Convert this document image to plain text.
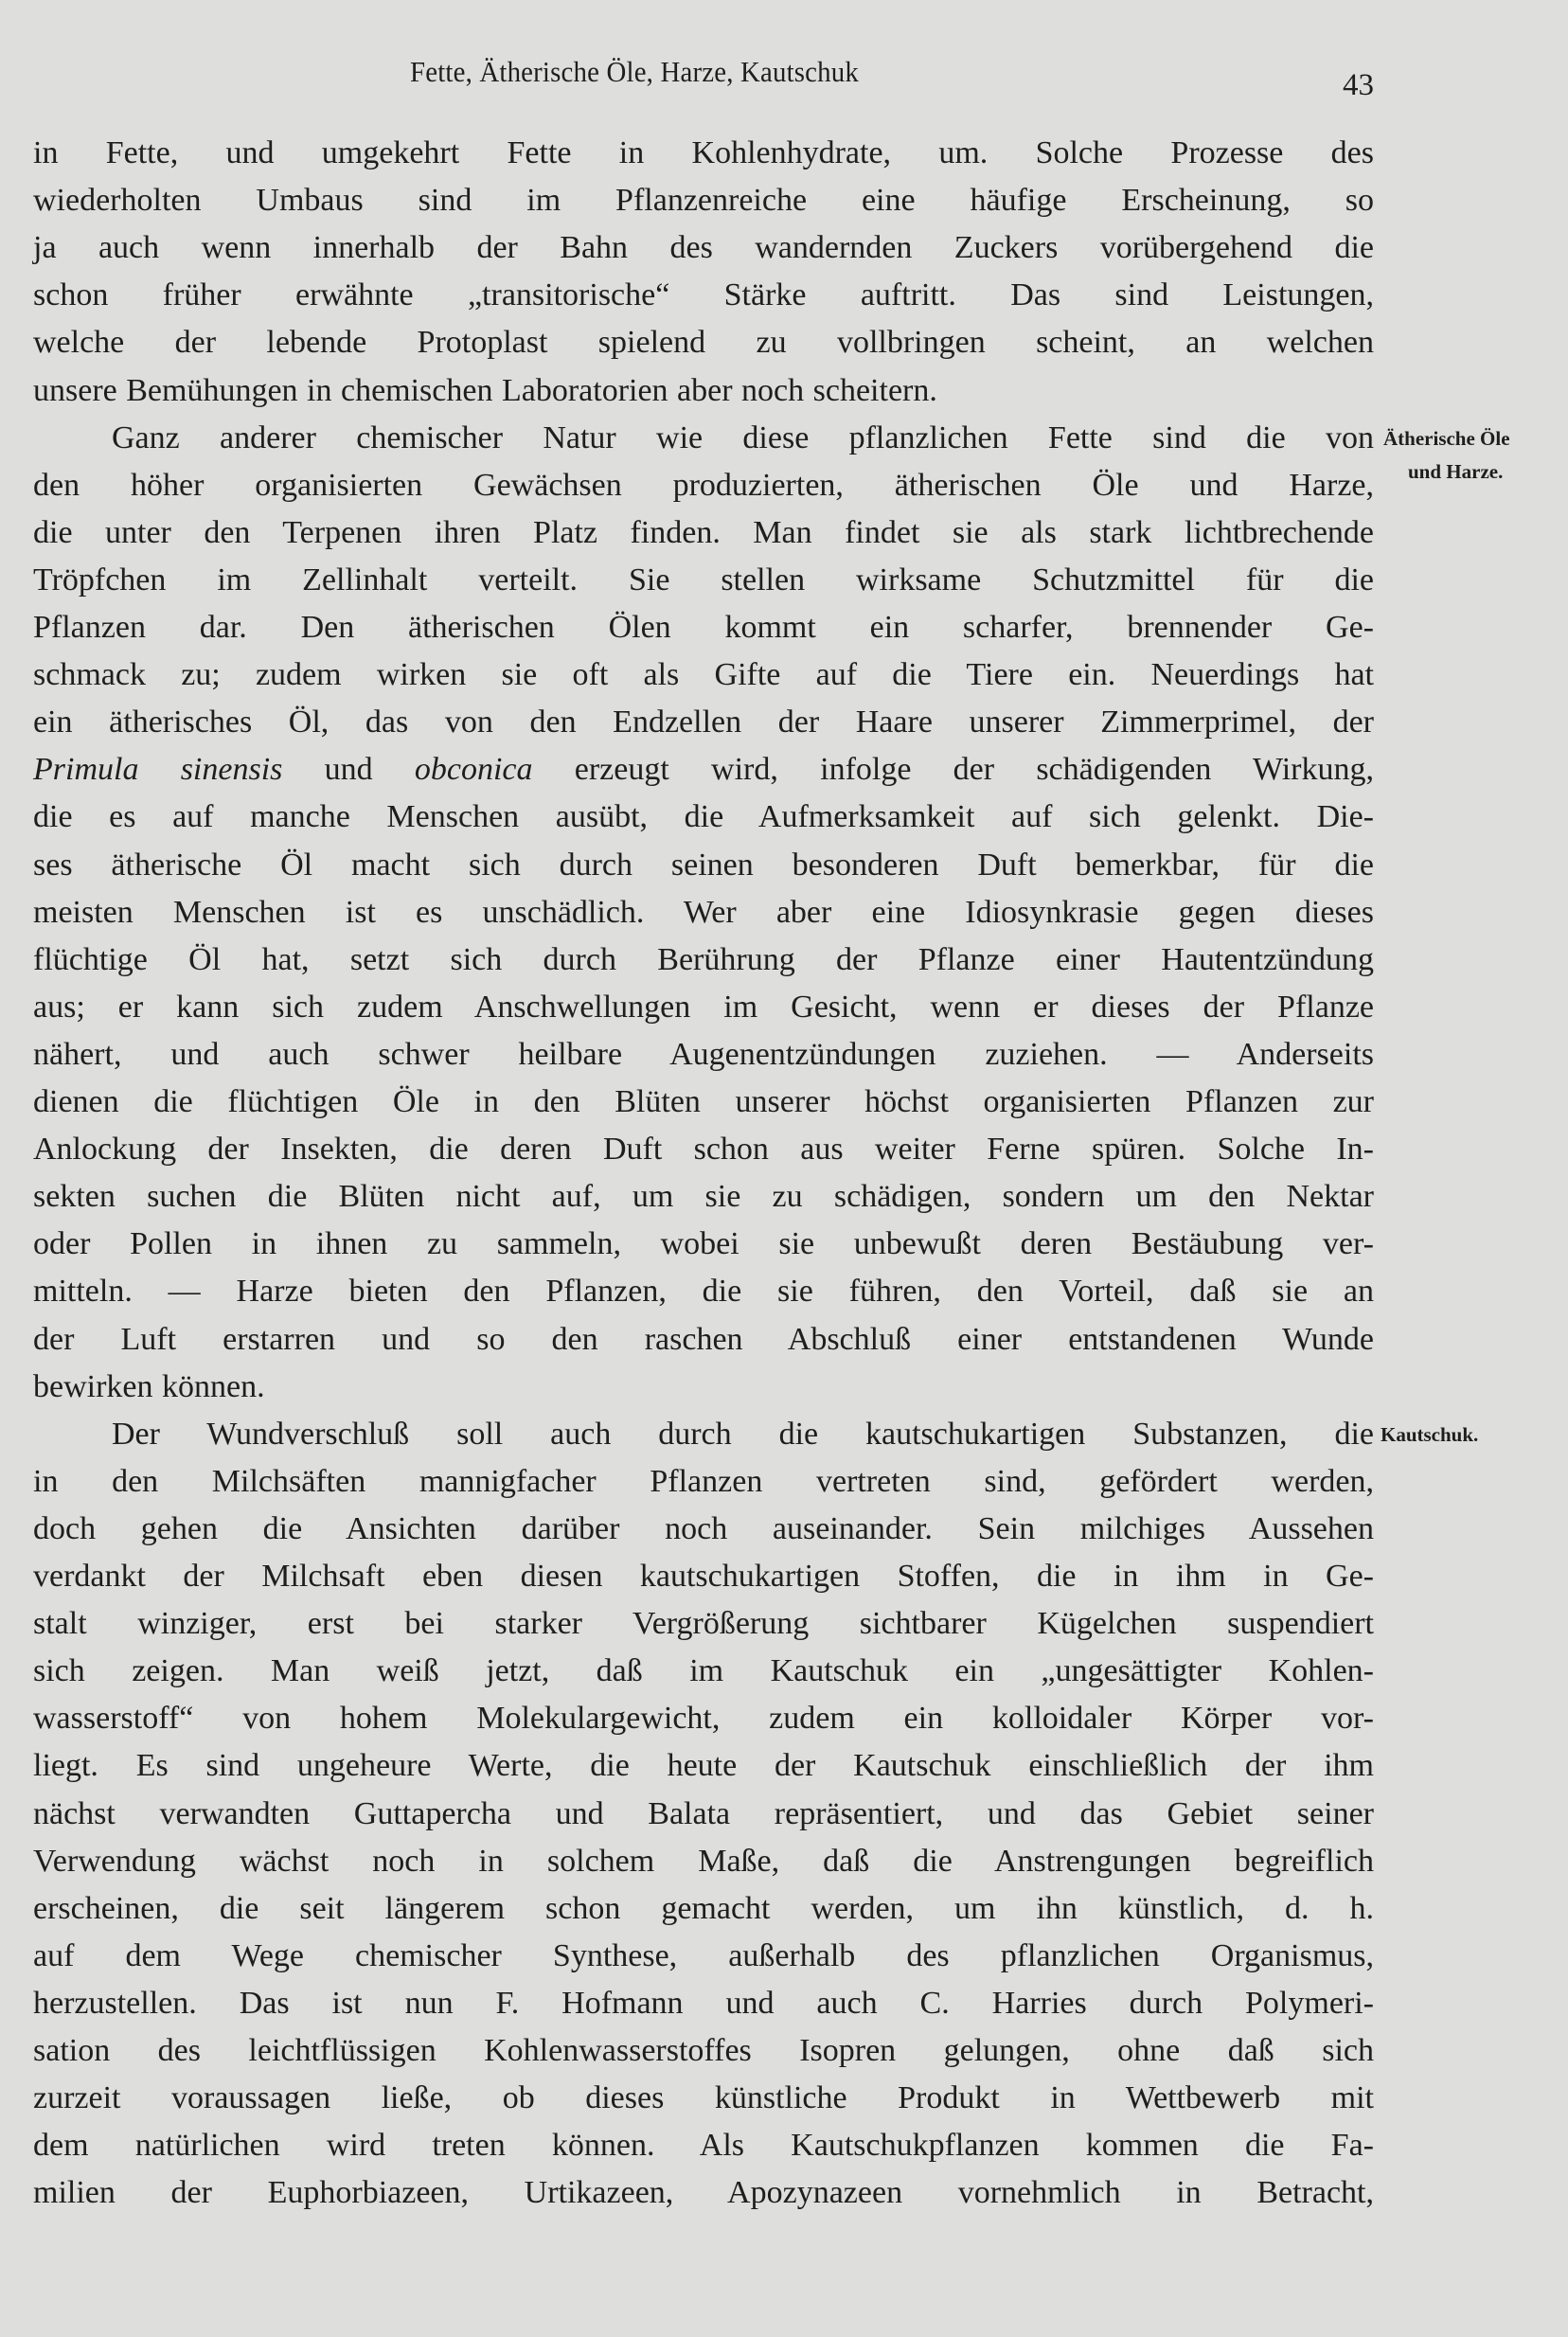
Fette, Ätherische Öle, Harze, Kautschuk	43
in Fette, und umgekehrt Fette in Kohlenhydrate, um. Solche Prozesse des
wiederholten Umbaus sind im Pflanzenreiche eine häufige Erscheinung, so
ja auch wenn innerhalb der Bahn des wandernden Zuckers vorübergehend die
schon früher erwähnte „transitorische“ Stärke auftritt. Das sind Leistungen,
welche der lebende Protoplast spielend zu vollbringen scheint, an welchen
unsere Bemühungen in chemischen Laboratorien aber noch scheitern.
Ganz anderer chemischer Natur wie diese pflanzlichen Fette sind die von
den höher organisierten Gewächsen produzierten, ätherischen Öle und Harze,
die unter den Terpenen ihren Platz finden. Man findet sie als stark lichtbrechende
Tröpfchen im Zellinhalt verteilt. Sie stellen wirksame Schutzmittel für die
Pflanzen dar. Den ätherischen Ölen kommt ein scharfer, brennender Ge-
schmack zu; zudem wirken sie oft als Gifte auf die Tiere ein. Neuerdings hat
ein ätherisches Öl, das von den Endzellen der Haare unserer Zimmerprimel, der
Primula sinensis und obconica erzeugt wird, infolge der schädigenden Wirkung,
die es auf manche Menschen ausübt, die Aufmerksamkeit auf sich gelenkt. Die-
ses ätherische Öl macht sich durch seinen besonderen Duft bemerkbar, für die
meisten Menschen ist es unschädlich. Wer aber eine Idiosynkrasie gegen dieses
flüchtige Öl hat, setzt sich durch Berührung der Pflanze einer Hautentzündung
aus; er kann sich zudem Anschwellungen im Gesicht, wenn er dieses der Pflanze
nähert, und auch schwer heilbare Augenentzündungen zuziehen. — Anderseits
dienen die flüchtigen Öle in den Blüten unserer höchst organisierten Pflanzen zur
Anlockung der Insekten, die deren Duft schon aus weiter Ferne spüren. Solche In-
sekten suchen die Blüten nicht auf, um sie zu schädigen, sondern um den Nektar
oder Pollen in ihnen zu sammeln, wobei sie unbewußt deren Bestäubung ver-
mitteln. — Harze bieten den Pflanzen, die sie führen, den Vorteil, daß sie an
der Luft erstarren und so den raschen Abschluß einer entstandenen Wunde
bewirken können.
Der Wundverschluß soll auch durch die kautschukartigen Substanzen, die
in den Milchsäften mannigfacher Pflanzen vertreten sind, gefördert werden,
doch gehen die Ansichten darüber noch auseinander. Sein milchiges Aussehen
verdankt der Milchsaft eben diesen kautschukartigen Stoffen, die in ihm in Ge-
stalt winziger, erst bei starker Vergrößerung sichtbarer Kügelchen suspendiert
sich zeigen. Man weiß jetzt, daß im Kautschuk ein „ungesättigter Kohlen-
wasserstoff“ von hohem Molekulargewicht, zudem ein kolloidaler Körper vor-
liegt. Es sind ungeheure Werte, die heute der Kautschuk einschließlich der ihm
nächst verwandten Guttapercha und Balata repräsentiert, und das Gebiet seiner
Verwendung wächst noch in solchem Maße, daß die Anstrengungen begreiflich
erscheinen, die seit längerem schon gemacht werden, um ihn künstlich, d. h.
auf dem Wege chemischer Synthese, außerhalb des pflanzlichen Organismus,
herzustellen. Das ist nun F. Hofmann und auch C. Harries durch Polymeri-
sation des leichtflüssigen Kohlenwasserstoffes Isopren gelungen, ohne daß sich
zurzeit voraussagen ließe, ob dieses künstliche Produkt in Wettbewerb mit
dem natürlichen wird treten können. Als Kautschukpflanzen kommen die Fa-
milien der Euphorbiazeen, Urtikazeen, Apozynazeen vornehmlich in Betracht,
Ätherische Öle
und Harze.
Kautschuk.
